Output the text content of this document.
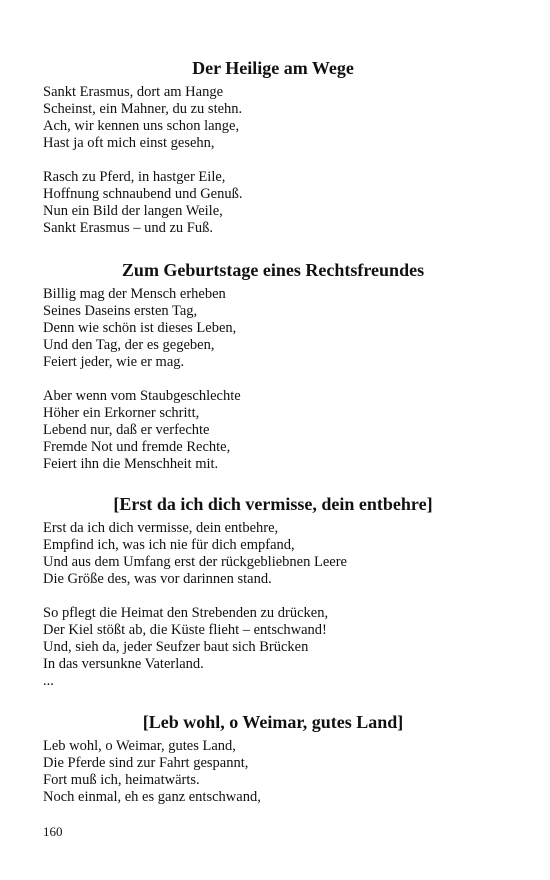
Der Heilige am Wege
Sankt Erasmus, dort am Hange
Scheinst, ein Mahner, du zu stehn.
Ach, wir kennen uns schon lange,
Hast ja oft mich einst gesehn,
Rasch zu Pferd, in hastger Eile,
Hoffnung schnaubend und Genuß.
Nun ein Bild der langen Weile,
Sankt Erasmus – und zu Fuß.
Zum Geburtstage eines Rechtsfreundes
Billig mag der Mensch erheben
Seines Daseins ersten Tag,
Denn wie schön ist dieses Leben,
Und den Tag, der es gegeben,
Feiert jeder, wie er mag.
Aber wenn vom Staubgeschlechte
Höher ein Erkorner schritt,
Lebend nur, daß er verfechte
Fremde Not und fremde Rechte,
Feiert ihn die Menschheit mit.
[Erst da ich dich vermisse, dein entbehre]
Erst da ich dich vermisse, dein entbehre,
Empfind ich, was ich nie für dich empfand,
Und aus dem Umfang erst der rückgebliebnen Leere
Die Größe des, was vor darinnen stand.
So pflegt die Heimat den Strebenden zu drücken,
Der Kiel stößt ab, die Küste flieht – entschwand!
Und, sieh da, jeder Seufzer baut sich Brücken
In das versunkne Vaterland.
...
[Leb wohl, o Weimar, gutes Land]
Leb wohl, o Weimar, gutes Land,
Die Pferde sind zur Fahrt gespannt,
Fort muß ich, heimatwärts.
Noch einmal, eh es ganz entschwand,
160
